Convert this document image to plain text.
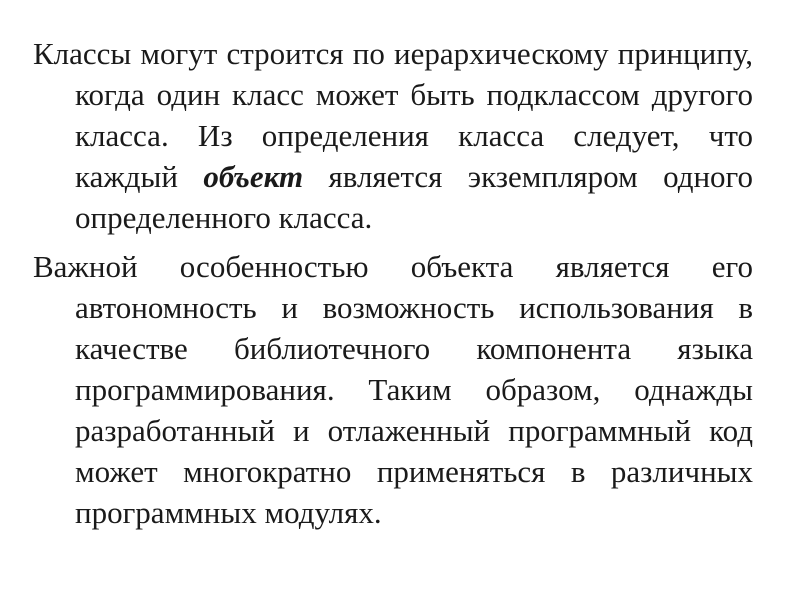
Классы могут строится по иерархическому принципу, когда один класс может быть подклассом другого класса. Из определения класса следует, что каждый объект является экземпляром одного определенного класса.

Важной особенностью объекта является его автономность и возможность использования в качестве библиотечного компонента языка программирования. Таким образом, однажды разработанный и отлаженный программный код может многократно применяться в различных программных модулях.
